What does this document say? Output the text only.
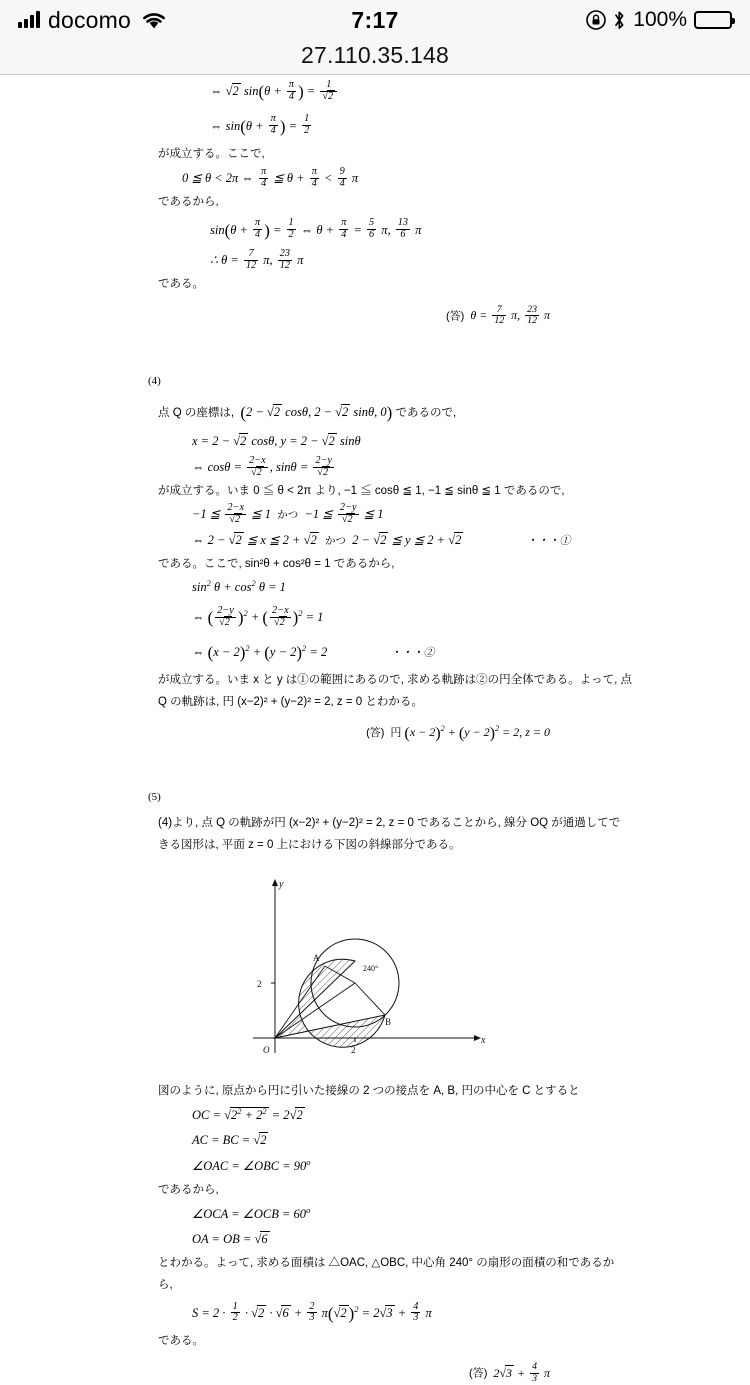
docomo	7:17	100%
27.110.35.148
⇔ √2 $\sin(\theta + \frac{\pi}{4}$ ) = $\frac{1}{√2}$
⇔ $\sin(\theta + \frac{\pi}{4}$ ) = $\frac{1}{2}$
が成立する。ここで,
0 ≦ θ < 2π ⇔ $\frac{\pi}{4}$ ≦ $\theta + \frac{\pi}{4} < \frac{9}{4}$ π
であるから,
$\sin(\theta + \frac{\pi}{4}$ ) = $\frac{1}{2}$ ⇔ $\theta + \frac{\pi}{4} = \frac{5}{6} \pi$, $\frac{13}{6}$ π
∴ $\theta = \frac{7}{12} \pi$, $\frac{23}{12}$ π
である。
(答)  $\theta = \frac{7}{12} \pi$, $\frac{23}{12}$ π
(4)
点 Q の座標は, (2 − √2 cosθ, 2 − √2 sinθ, 0) であるので,
x = 2 − √2 cosθ, y = 2 − √2 sinθ
⇔ $\cos\theta = \frac{2-x}{√2}$ , $\sin\theta = \frac{2-y}{√2}$
が成立する。いま 0 ≦ θ < 2π より, −1 ≦ cosθ ≦ 1, −1 ≦ sinθ ≦ 1 であるので,
−1 ≦ $\frac{2-x}{√2}$ ≦ 1  かつ  −1 ≦ $\frac{2-y}{√2}$ ≦ 1
⇔ 2 − √2 ≦ x ≦ 2 + √2 かつ  2 − √2 ≦ y ≦ 2 + √2	・・・①
である。ここで, sin²θ + cos²θ = 1 であるから,
$\sin^2 \theta + \cos^2 \theta = 1$
⇔ ( $\frac{2-y}{√2} )^2$ + ( $\frac{2-x}{√2} )^2 = 1$
⇔ $(x - 2)^2 + (y - 2)^2 = 2$	・・・②
が成立する。いま x と y は①の範囲にあるので, 求める軌跡は②の円全体である。よって, 点
Q の軌跡は, 円 (x−2)² + (y−2)² = 2, z = 0 とわかる。
(答) 円 $(x - 2)^2 + (y - 2)^2 = 2$, z = 0
(5)
(4)より, 点 Q の軌跡が円 (x−2)² + (y−2)² = 2, z = 0 であることから, 線分 OQ が通過してで
きる図形は, 平面 z = 0 上における下図の斜線部分である。
2
2
O
x
y
A
B
240°
図のように, 原点から円に引いた接線の 2 つの接点を A, B, 円の中心を C とすると
OC = $√2^2 + 2^2 = 2√2$
AC = BC = √2
∠OAC = ∠OBC = $90^o$
であるから,
∠OCA = ∠OCB = $60^o$
OA = OB = √6
とわかる。よって, 求める面積は △OAC, △OBC, 中心角 240° の扇形の面積の和であるか
ら,
$S = 2 \cdot \frac{1}{2} \cdot √2 \cdot √6 + \frac{2}{3} \pi(√2$ )$^2 = 2√3 + \frac{4}{3}$ π
である。
(答)  $2√3 + \frac{4}{3}$ π
